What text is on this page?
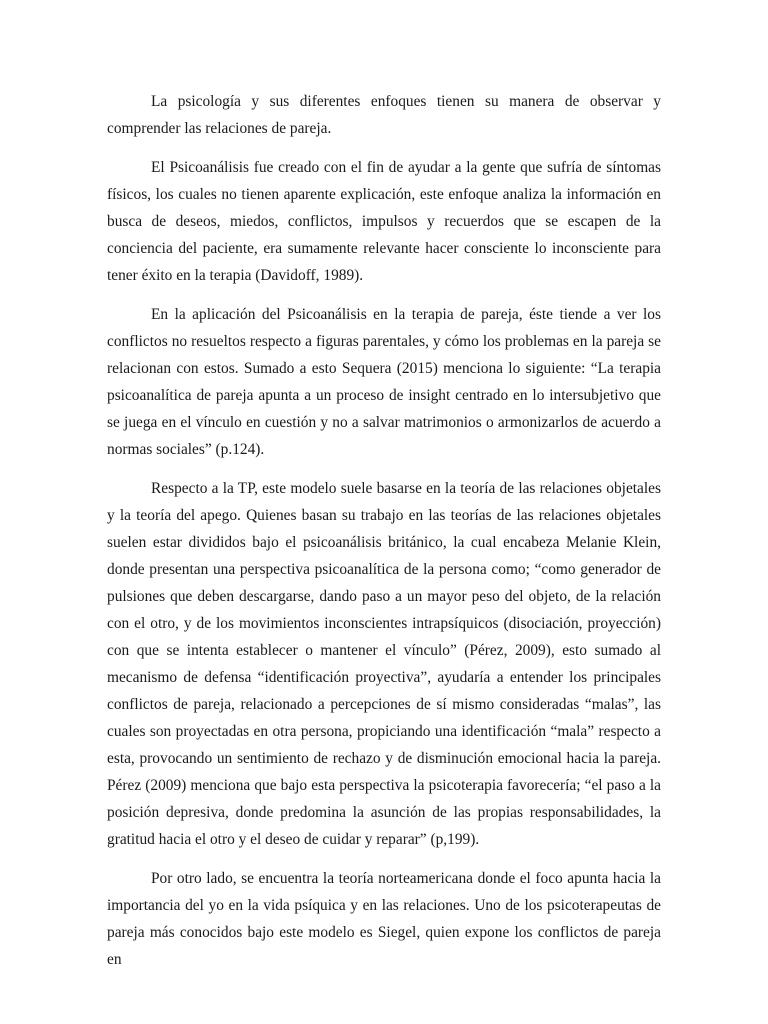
La psicología y sus diferentes enfoques tienen su manera de observar y comprender las relaciones de pareja.

El Psicoanálisis fue creado con el fin de ayudar a la gente que sufría de síntomas físicos, los cuales no tienen aparente explicación, este enfoque analiza la información en busca de deseos, miedos, conflictos, impulsos y recuerdos que se escapen de la conciencia del paciente, era sumamente relevante hacer consciente lo inconsciente para tener éxito en la terapia (Davidoff, 1989).

En la aplicación del Psicoanálisis en la terapia de pareja, éste tiende a ver los conflictos no resueltos respecto a figuras parentales, y cómo los problemas en la pareja se relacionan con estos. Sumado a esto Sequera (2015) menciona lo siguiente: “La terapia psicoanalítica de pareja apunta a un proceso de insight centrado en lo intersubjetivo que se juega en el vínculo en cuestión y no a salvar matrimonios o armonizarlos de acuerdo a normas sociales” (p.124).

Respecto a la TP, este modelo suele basarse en la teoría de las relaciones objetales y la teoría del apego. Quienes basan su trabajo en las teorías de las relaciones objetales suelen estar divididos bajo el psicoanálisis británico, la cual encabeza Melanie Klein, donde presentan una perspectiva psicoanalítica de la persona como; “como generador de pulsiones que deben descargarse, dando paso a un mayor peso del objeto, de la relación con el otro, y de los movimientos inconscientes intrapsíquicos (disociación, proyección) con que se intenta establecer o mantener el vínculo” (Pérez, 2009), esto sumado al mecanismo de defensa “identificación proyectiva”, ayudaría a entender los principales conflictos de pareja, relacionado a percepciones de sí mismo consideradas “malas”, las cuales son proyectadas en otra persona, propiciando una identificación “mala” respecto a esta, provocando un sentimiento de rechazo y de disminución emocional hacia la pareja. Pérez (2009) menciona que bajo esta perspectiva la psicoterapia favorecería; “el paso a la posición depresiva, donde predomina la asunción de las propias responsabilidades, la gratitud hacia el otro y el deseo de cuidar y reparar” (p,199).

Por otro lado, se encuentra la teoría norteamericana donde el foco apunta hacia la importancia del yo en la vida psíquica y en las relaciones. Uno de los psicoterapeutas de pareja más conocidos bajo este modelo es Siegel, quien expone los conflictos de pareja en
